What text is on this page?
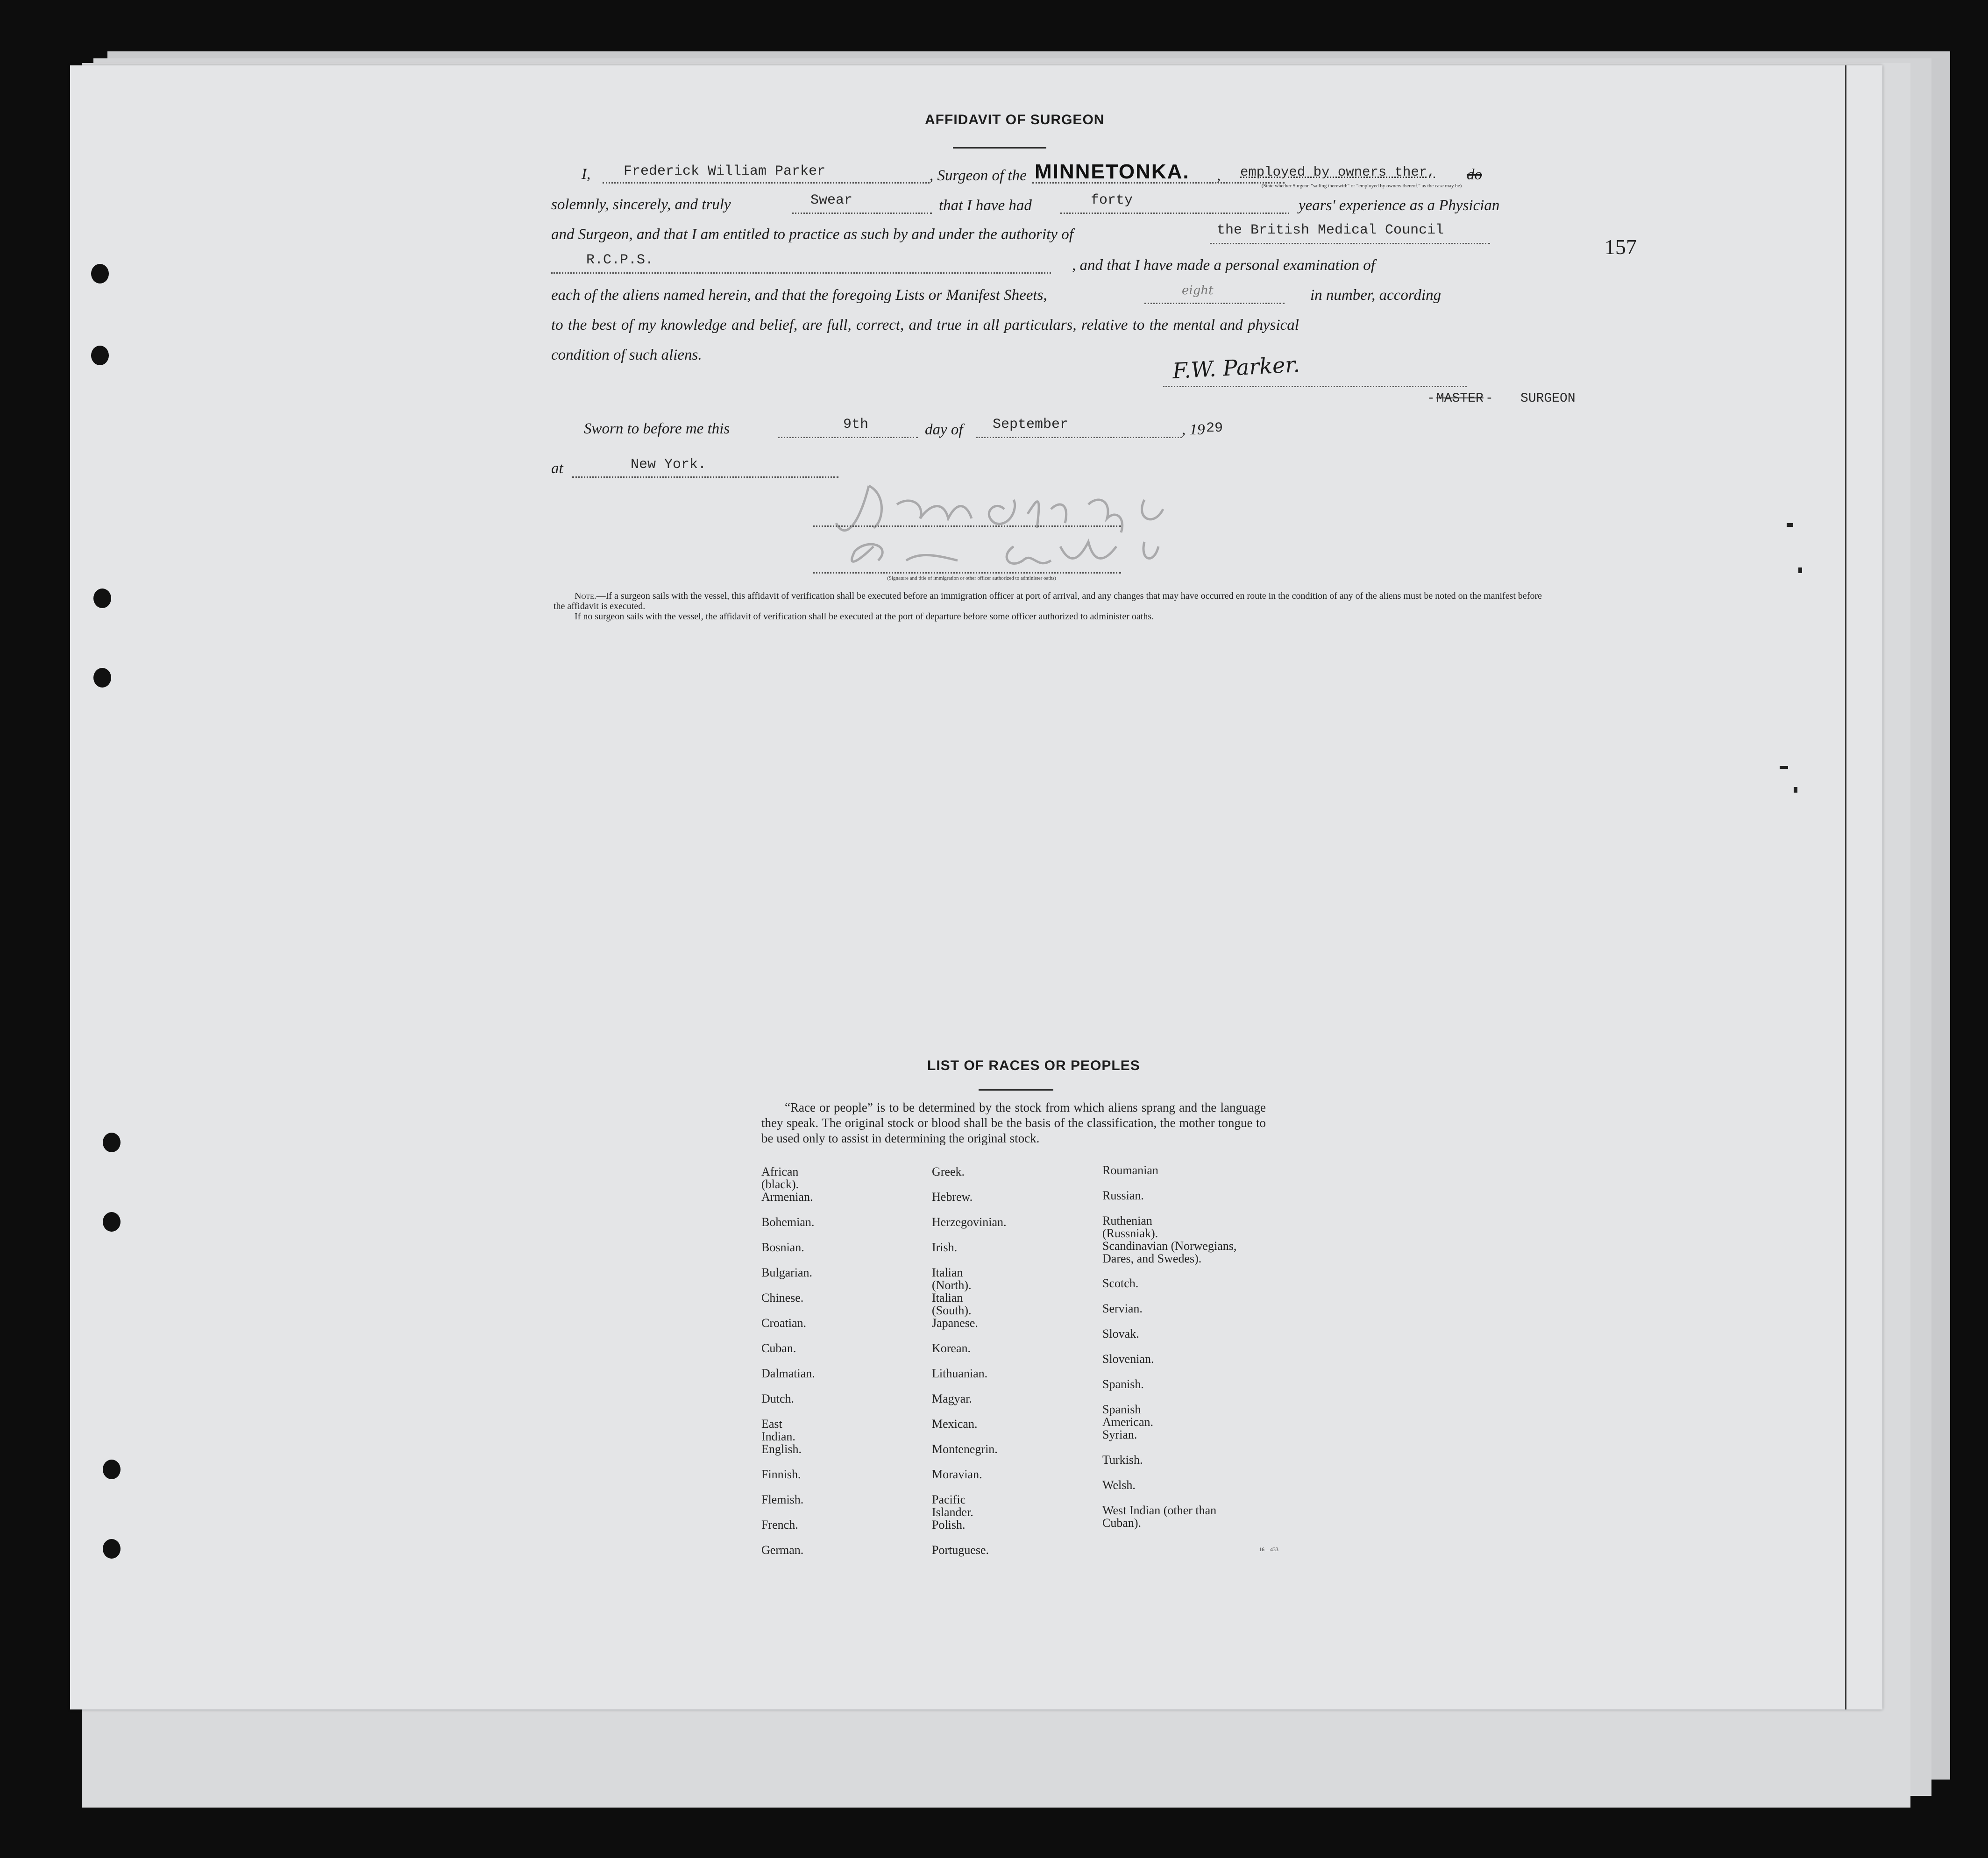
AFFIDAVIT OF SURGEON
I, Frederick William Parker	, Surgeon of the MINNETONKA. , employed by owners ther, do
(State whether Surgeon "sailing therewith" or "employed by owners thereof," as the case may be)
solemnly, sincerely, and truly	Swear	that I have had	forty	years' experience as a Physician
and Surgeon, and that I am entitled to practice as such by and under the authority of	the British Medical Council
157
R.C.P.S.	, and that I have made a personal examination of
each of the aliens named herein, and that the foregoing Lists or Manifest Sheets,	eight	in number, according
to the best of my knowledge and belief, are full, correct, and true in all particulars, relative to the mental and physical
condition of such aliens.	F.W. Parker.
- MASTER - SURGEON
Sworn to before me this	9th	day of September	, 19 29
at	New York.
(Signature and title of immigration or other officer authorized to administer oaths)
Note.—If a surgeon sails with the vessel, this affidavit of verification shall be executed before an immigration officer at port of arrival, and any changes that may have occurred en route in the condition of any of the aliens must be noted on the manifest before the affidavit is executed.
If no surgeon sails with the vessel, the affidavit of verification shall be executed at the port of departure before some officer authorized to administer oaths.
LIST OF RACES OR PEOPLES
“Race or people” is to be determined by the stock from which aliens sprang and the language they speak. The original stock or blood shall be the basis of the classification, the mother tongue to be used only to assist in determining the original stock.
African (black).
Armenian.
Bohemian.
Bosnian.
Bulgarian.
Chinese.
Croatian.
Cuban.
Dalmatian.
Dutch.
East Indian.
English.
Finnish.
Flemish.
French.
German.
Greek.
Hebrew.
Herzegovinian.
Irish.
Italian (North).
Italian (South).
Japanese.
Korean.
Lithuanian.
Magyar.
Mexican.
Montenegrin.
Moravian.
Pacific Islander.
Polish.
Portuguese.
Roumanian
Russian.
Ruthenian (Russniak).
Scandinavian (Norwegians, Dares, and Swedes).
Scotch.
Servian.
Slovak.
Slovenian.
Spanish.
Spanish American.
Syrian.
Turkish.
Welsh.
West Indian (other than Cuban).
16—433
